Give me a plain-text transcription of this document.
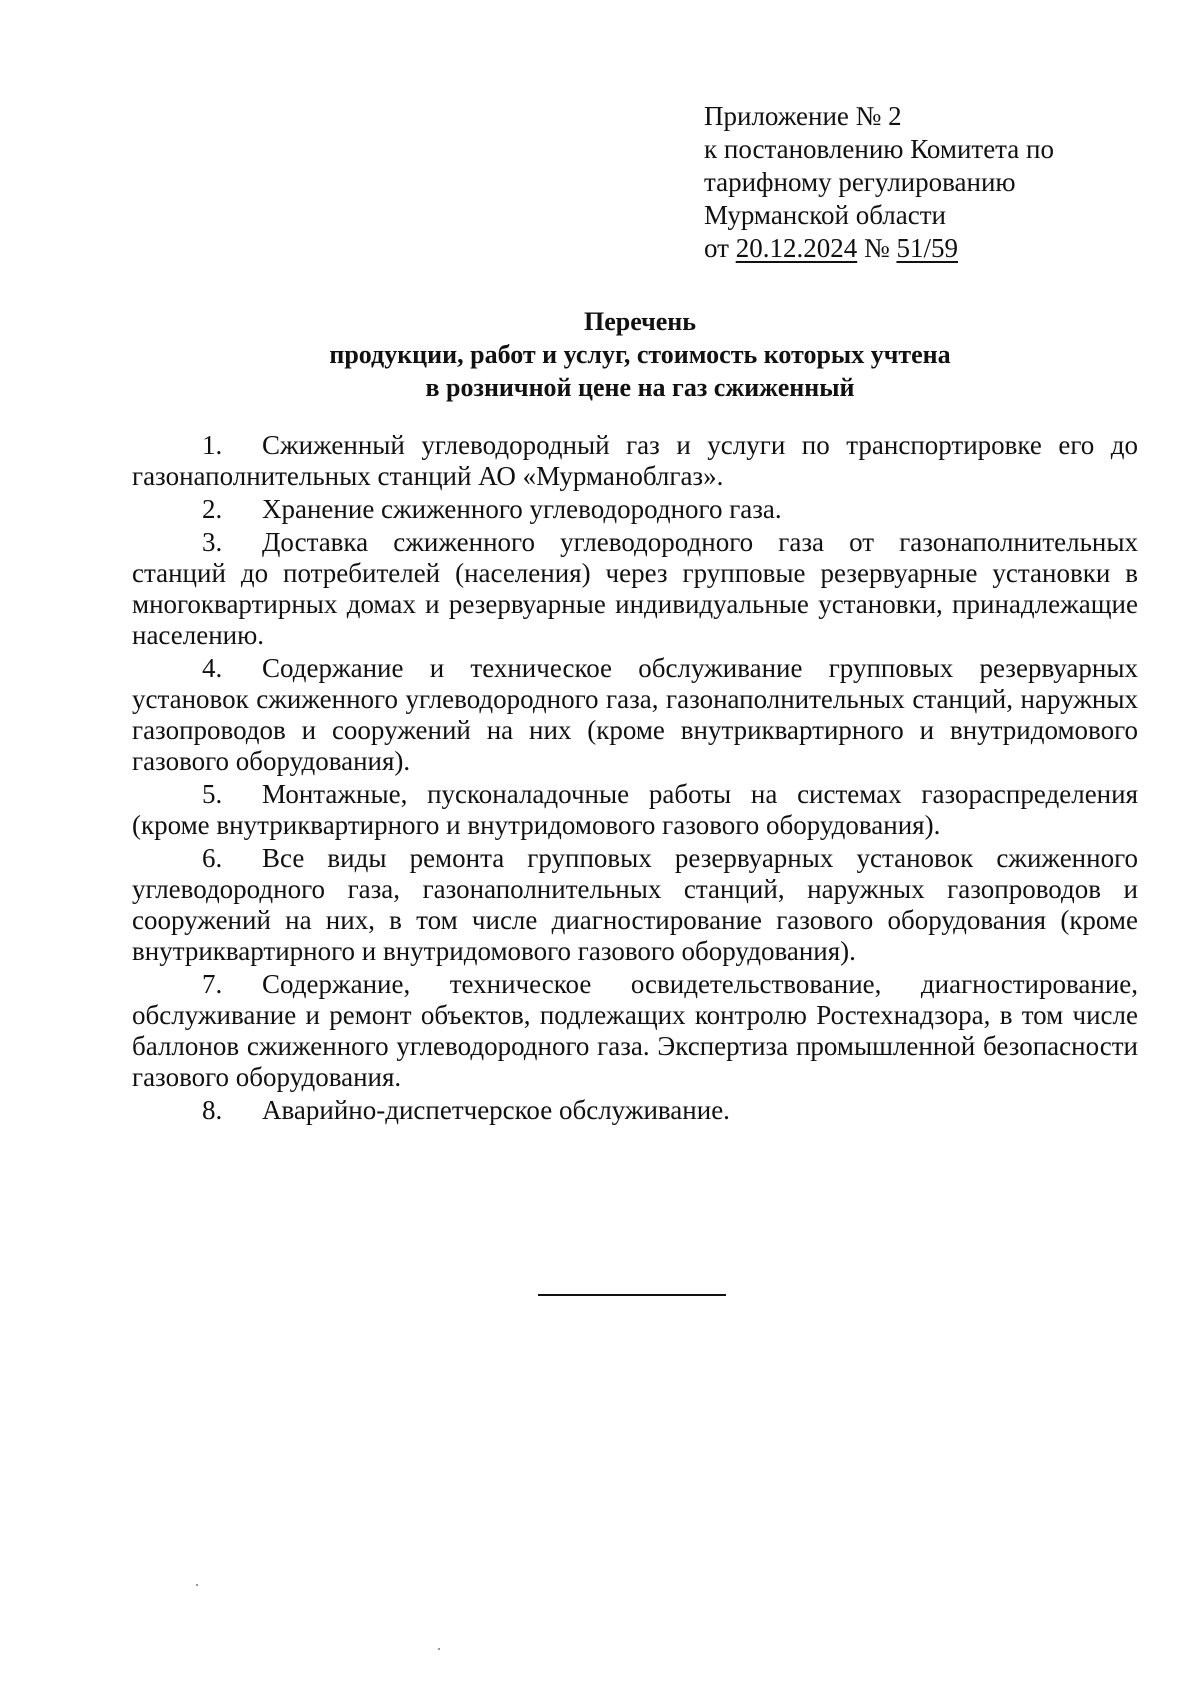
Приложение № 2
к постановлению Комитета по
тарифному регулированию
Мурманской области
от 20.12.2024 № 51/59
Перечень
продукции, работ и услуг, стоимость которых учтена
в розничной цене на газ сжиженный

1. Сжиженный углеводородный газ и услуги по транспортировке его до газонаполнительных станций АО «Мурманоблгаз».

2. Хранение сжиженного углеводородного газа.

3. Доставка сжиженного углеводородного газа от газонаполнительных станций до потребителей (населения) через групповые резервуарные установки в многоквартирных домах и резервуарные индивидуальные установки, принадлежащие населению.

4. Содержание и техническое обслуживание групповых резервуарных установок сжиженного углеводородного газа, газонаполнительных станций, наружных газопроводов и сооружений на них (кроме внутриквартирного и внутридомового газового оборудования).

5. Монтажные, пусконаладочные работы на системах газораспределения (кроме внутриквартирного и внутридомового газового оборудования).

6. Все виды ремонта групповых резервуарных установок сжиженного углеводородного газа, газонаполнительных станций, наружных газопроводов и сооружений на них, в том числе диагностирование газового оборудования (кроме внутриквартирного и внутридомового газового оборудования).

7. Содержание, техническое освидетельствование, диагностирование, обслуживание и ремонт объектов, подлежащих контролю Ростехнадзора, в том числе баллонов сжиженного углеводородного газа. Экспертиза промышленной безопасности газового оборудования.

8. Аварийно-диспетчерское обслуживание.
